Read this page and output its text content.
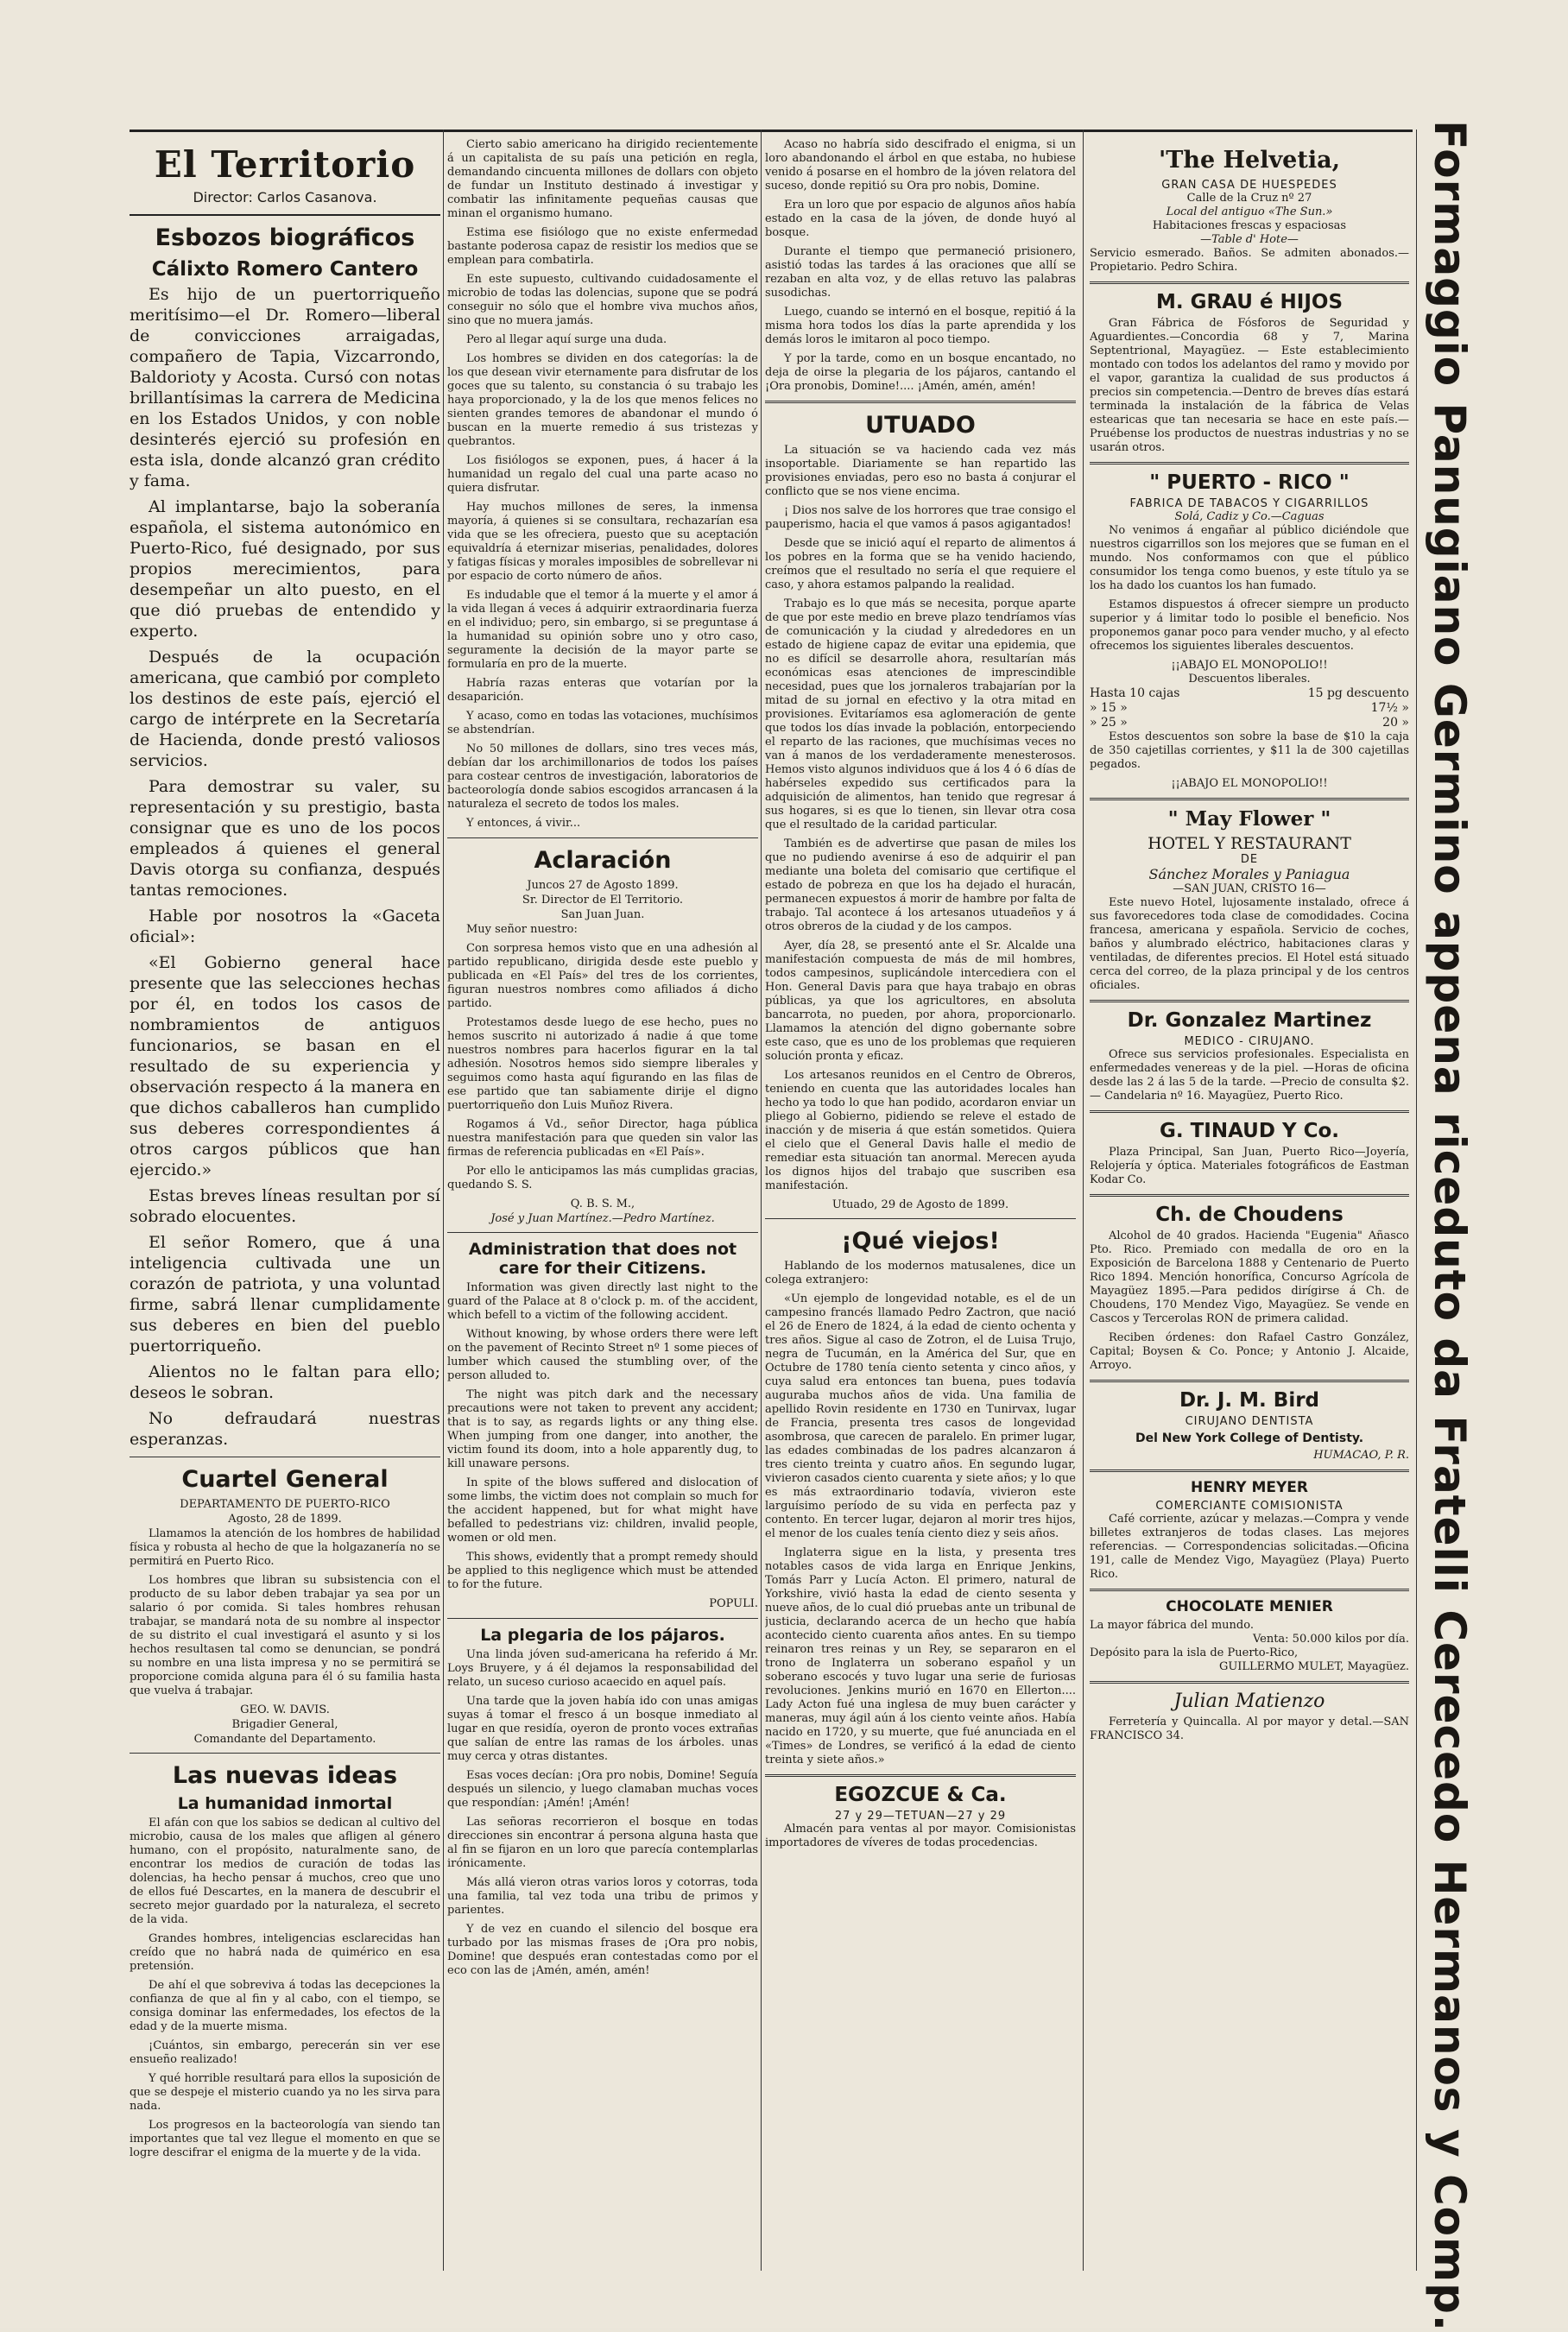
El Territorio
Director: Carlos Casanova.
Esbozos biográficos
Cálixto Romero Cantero

Es hijo de un puertorriqueño meritísimo—el Dr. Romero—liberal de convicciones arraigadas, compañero de Tapia, Vizcarrondo, Baldorioty y Acosta. Cursó con notas brillantísimas la carrera de Medicina en los Estados Unidos, y con noble desinterés ejerció su profesión en esta isla, donde alcanzó gran crédito y fama.

Al implantarse, bajo la soberanía española, el sistema autonómico en Puerto-Rico, fué designado, por sus propios merecimientos, para desempeñar un alto puesto, en el que dió pruebas de entendido y experto.

Después de la ocupación americana, que cambió por completo los destinos de este país, ejerció el cargo de intérprete en la Secretaría de Hacienda, donde prestó valiosos servicios.

Para demostrar su valer, su representación y su prestigio, basta consignar que es uno de los pocos empleados á quienes el general Davis otorga su confianza, después tantas remociones.

Hable por nosotros la «Gaceta oficial»:

«El Gobierno general hace presente que las selecciones hechas por él, en todos los casos de nombramientos de antiguos funcionarios, se basan en el resultado de su experiencia y observación respecto á la manera en que dichos caballeros han cumplido sus deberes correspondientes á otros cargos públicos que han ejercido.»

Estas breves líneas resultan por sí sobrado elocuentes.

El señor Romero, que á una inteligencia cultivada une un corazón de patriota, y una voluntad firme, sabrá llenar cumplidamente sus deberes en bien del pueblo puertorriqueño.

Alientos no le faltan para ello; deseos le sobran.

No defraudará nuestras esperanzas.

Cuartel General
DEPARTAMENTO DE PUERTO-RICO
Agosto, 28 de 1899.

Llamamos la atención de los hombres de habilidad física y robusta al hecho de que la holgazanería no se permitirá en Puerto Rico.

Los hombres que libran su subsistencia con el producto de su labor deben trabajar ya sea por un salario ó por comida. Si tales hombres rehusan trabajar, se mandará nota de su nombre al inspector de su distrito el cual investigará el asunto y si los hechos resultasen tal como se denuncian, se pondrá su nombre en una lista impresa y no se permitirá se proporcione comida alguna para él ó su familia hasta que vuelva á trabajar.

GEO. W. DAVIS.
Brigadier General,
Comandante del Departamento.
Las nuevas ideas
La humanidad inmortal

El afán con que los sabios se dedican al cultivo del microbio, causa de los males que afligen al género humano, con el propósito, naturalmente sano, de encontrar los medios de curación de todas las dolencias, ha hecho pensar á muchos, creo que uno de ellos fué Descartes, en la manera de descubrir el secreto mejor guardado por la naturaleza, el secreto de la vida.

Grandes hombres, inteligencias esclarecidas han creído que no habrá nada de quimérico en esa pretensión.

De ahí el que sobreviva á todas las decepciones la confianza de que al fin y al cabo, con el tiempo, se consiga dominar las enfermedades, los efectos de la edad y de la muerte misma.

¡Cuántos, sin embargo, perecerán sin ver ese ensueño realizado!

Y qué horrible resultará para ellos la suposición de que se despeje el misterio cuando ya no les sirva para nada.

Los progresos en la bacteorología van siendo tan importantes que tal vez llegue el momento en que se logre descifrar el enigma de la muerte y de la vida.

Cierto sabio americano ha dirigido recientemente á un capitalista de su país una petición en regla, demandando cincuenta millones de dollars con objeto de fundar un Instituto destinado á investigar y combatir las infinitamente pequeñas causas que minan el organismo humano.

Estima ese fisiólogo que no existe enfermedad bastante poderosa capaz de resistir los medios que se emplean para combatirla.

En este supuesto, cultivando cuidadosamente el microbio de todas las dolencias, supone que se podrá conseguir no sólo que el hombre viva muchos años, sino que no muera jamás.

Pero al llegar aquí surge una duda.

Los hombres se dividen en dos categorías: la de los que desean vivir eternamente para disfrutar de los goces que su talento, su constancia ó su trabajo les haya proporcionado, y la de los que menos felices no sienten grandes temores de abandonar el mundo ó buscan en la muerte remedio á sus tristezas y quebrantos.

Los fisiólogos se exponen, pues, á hacer á la humanidad un regalo del cual una parte acaso no quiera disfrutar.

Hay muchos millones de seres, la inmensa mayoría, á quienes si se consultara, rechazarían esa vida que se les ofreciera, puesto que su aceptación equivaldría á eternizar miserias, penalidades, dolores y fatigas físicas y morales imposibles de sobrellevar ni por espacio de corto número de años.

Es indudable que el temor á la muerte y el amor á la vida llegan á veces á adquirir extraordinaria fuerza en el individuo; pero, sin embargo, si se preguntase á la humanidad su opinión sobre uno y otro caso, seguramente la decisión de la mayor parte se formularía en pro de la muerte.

Habría razas enteras que votarían por la desaparición.

Y acaso, como en todas las votaciones, muchísimos se abstendrían.

No 50 millones de dollars, sino tres veces más, debían dar los archimillonarios de todos los países para costear centros de investigación, laboratorios de bacteorología donde sabios escogidos arrancasen á la naturaleza el secreto de todos los males.

Y entonces, á vivir...

Aclaración
Juncos 27 de Agosto 1899.
Sr. Director de El Territorio.
San Juan Juan.

Muy señor nuestro:

Con sorpresa hemos visto que en una adhesión al partido republicano, dirigida desde este pueblo y publicada en «El País» del tres de los corrientes, figuran nuestros nombres como afiliados á dicho partido.

Protestamos desde luego de ese hecho, pues no hemos suscrito ni autorizado á nadie á que tome nuestros nombres para hacerlos figurar en la tal adhesión. Nosotros hemos sido siempre liberales y seguimos como hasta aquí figurando en las filas de ese partido que tan sabiamente dirije el digno puertorriqueño don Luis Muñoz Rivera.

Rogamos á Vd., señor Director, haga pública nuestra manifestación para que queden sin valor las firmas de referencia publicadas en «El País».

Por ello le anticipamos las más cumplidas gracias, quedando S. S.

Q. B. S. M.,
José y Juan Martínez.—Pedro Martínez.
Administration that does not care for their Citizens.

Information was given directly last night to the guard of the Palace at 8 o'clock p. m. of the accident, which befell to a victim of the following accident.

Without knowing, by whose orders there were left on the pavement of Recinto Street nº 1 some pieces of lumber which caused the stumbling over, of the person alluded to.

The night was pitch dark and the necessary precautions were not taken to prevent any accident; that is to say, as regards lights or any thing else. When jumping from one danger, into another, the victim found its doom, into a hole apparently dug, to kill unaware persons.

In spite of the blows suffered and dislocation of some limbs, the victim does not complain so much for the accident happened, but for what might have befalled to pedestrians viz: children, invalid people, women or old men.

This shows, evidently that a prompt remedy should be applied to this negligence which must be attended to for the future.

POPULI.
La plegaria de los pájaros.

Una linda jóven sud-americana ha referido á Mr. Loys Bruyere, y á él dejamos la responsabilidad del relato, un suceso curioso acaecido en aquel país.

Una tarde que la joven había ido con unas amigas suyas á tomar el fresco á un bosque inmediato al lugar en que residía, oyeron de pronto voces extrañas que salían de entre las ramas de los árboles. unas muy cerca y otras distantes.

Esas voces decían: ¡Ora pro nobis, Domine! Seguía después un silencio, y luego clamaban muchas voces que respondían: ¡Amén! ¡Amén!

Las señoras recorrieron el bosque en todas direcciones sin encontrar á persona alguna hasta que al fin se fijaron en un loro que parecía contemplarlas irónicamente.

Más allá vieron otras varios loros y cotorras, toda una familia, tal vez toda una tribu de primos y parientes.

Y de vez en cuando el silencio del bosque era turbado por las mismas frases de ¡Ora pro nobis, Domine! que después eran contestadas como por el eco con las de ¡Amén, amén, amén!

Acaso no habría sido descifrado el enigma, si un loro abandonando el árbol en que estaba, no hubiese venido á posarse en el hombro de la jóven relatora del suceso, donde repitió su Ora pro nobis, Domine.

Era un loro que por espacio de algunos años había estado en la casa de la jóven, de donde huyó al bosque.

Durante el tiempo que permaneció prisionero, asistió todas las tardes á las oraciones que allí se rezaban en alta voz, y de ellas retuvo las palabras susodichas.

Luego, cuando se internó en el bosque, repitió á la misma hora todos los días la parte aprendida y los demás loros le imitaron al poco tiempo.

Y por la tarde, como en un bosque encantado, no deja de oirse la plegaria de los pájaros, cantando el ¡Ora pronobis, Domine!.... ¡Amén, amén, amén!

UTUADO

La situación se va haciendo cada vez más insoportable. Diariamente se han repartido las provisiones enviadas, pero eso no basta á conjurar el conflicto que se nos viene encima.

¡ Dios nos salve de los horrores que trae consigo el pauperismo, hacia el que vamos á pasos agigantados!

Desde que se inició aquí el reparto de alimentos á los pobres en la forma que se ha venido haciendo, creímos que el resultado no sería el que requiere el caso, y ahora estamos palpando la realidad.

Trabajo es lo que más se necesita, porque aparte de que por este medio en breve plazo tendríamos vías de comunicación y la ciudad y alrededores en un estado de higiene capaz de evitar una epidemia, que no es difícil se desarrolle ahora, resultarían más económicas esas atenciones de imprescindible necesidad, pues que los jornaleros trabajarían por la mitad de su jornal en efectivo y la otra mitad en provisiones. Evitaríamos esa aglomeración de gente que todos los días invade la población, entorpeciendo el reparto de las raciones, que muchísimas veces no van á manos de los verdaderamente menesterosos. Hemos visto algunos individuos que á los 4 ó 6 días de habérseles expedido sus certificados para la adquisición de alimentos, han tenido que regresar á sus hogares, si es que lo tienen, sin llevar otra cosa que el resultado de la caridad particular.

También es de advertirse que pasan de miles los que no pudiendo avenirse á eso de adquirir el pan mediante una boleta del comisario que certifique el estado de pobreza en que los ha dejado el huracán, permanecen expuestos á morir de hambre por falta de trabajo. Tal acontece á los artesanos utuadeños y á otros obreros de la ciudad y de los campos.

Ayer, día 28, se presentó ante el Sr. Alcalde una manifestación compuesta de más de mil hombres, todos campesinos, suplicándole intercediera con el Hon. General Davis para que haya trabajo en obras públicas, ya que los agricultores, en absoluta bancarrota, no pueden, por ahora, proporcionarlo. Llamamos la atención del digno gobernante sobre este caso, que es uno de los problemas que requieren solución pronta y eficaz.

Los artesanos reunidos en el Centro de Obreros, teniendo en cuenta que las autoridades locales han hecho ya todo lo que han podido, acordaron enviar un pliego al Gobierno, pidiendo se releve el estado de inacción y de miseria á que están sometidos. Quiera el cielo que el General Davis halle el medio de remediar esta situación tan anormal. Merecen ayuda los dignos hijos del trabajo que suscriben esa manifestación.

Utuado, 29 de Agosto de 1899.
¡Qué viejos!

Hablando de los modernos matusalenes, dice un colega extranjero:

«Un ejemplo de longevidad notable, es el de un campesino francés llamado Pedro Zactron, que nació el 26 de Enero de 1824, á la edad de ciento ochenta y tres años. Sigue al caso de Zotron, el de Luisa Trujo, negra de Tucumán, en la América del Sur, que en Octubre de 1780 tenía ciento setenta y cinco años, y cuya salud era entonces tan buena, pues todavía auguraba muchos años de vida. Una familia de apellido Rovin residente en 1730 en Tunirvax, lugar de Francia, presenta tres casos de longevidad asombrosa, que carecen de paralelo. En primer lugar, las edades combinadas de los padres alcanzaron á tres ciento treinta y cuatro años. En segundo lugar, vivieron casados ciento cuarenta y siete años; y lo que es más extraordinario todavía, vivieron este larguísimo período de su vida en perfecta paz y contento. En tercer lugar, dejaron al morir tres hijos, el menor de los cuales tenía ciento diez y seis años.

Inglaterra sigue en la lista, y presenta tres notables casos de vida larga en Enrique Jenkins, Tomás Parr y Lucía Acton. El primero, natural de Yorkshire, vivió hasta la edad de ciento sesenta y nueve años, de lo cual dió pruebas ante un tribunal de justicia, declarando acerca de un hecho que había acontecido ciento cuarenta años antes. En su tiempo reinaron tres reinas y un Rey, se separaron en el trono de Inglaterra un soberano español y un soberano escocés y tuvo lugar una serie de furiosas revoluciones. Jenkins murió en 1670 en Ellerton.... Lady Acton fué una inglesa de muy buen carácter y maneras, muy ágil aún á los ciento veinte años. Había nacido en 1720, y su muerte, que fué anunciada en el «Times» de Londres, se verificó á la edad de ciento treinta y siete años.»

EGOZCUE & Ca.
27 y 29—TETUAN—27 y 29

Almacén para ventas al por mayor. Comisionistas importadores de víveres de todas procedencias.

'The Helvetia,
GRAN CASA DE HUESPEDES
Calle de la Cruz nº 27
Local del antiguo «The Sun.»
Habitaciones frescas y espaciosas
—Table d' Hote—

Servicio esmerado. Baños. Se admiten abonados.—Propietario. Pedro Schira.

M. GRAU é HIJOS

Gran Fábrica de Fósforos de Seguridad y Aguardientes.—Concordia 68 y 7, Marina Septentrional, Mayagüez. — Este establecimiento montado con todos los adelantos del ramo y movido por el vapor, garantiza la cualidad de sus productos á precios sin competencia.—Dentro de breves días estará terminada la instalación de la fábrica de Velas estearicas que tan necesaria se hace en este país.—Pruébense los productos de nuestras industrias y no se usarán otros.

" PUERTO - RICO "
FABRICA DE TABACOS Y CIGARRILLOS
Solá, Cadiz y Co.—Caguas

No venimos á engañar al público diciéndole que nuestros cigarrillos son los mejores que se fuman en el mundo. Nos conformamos con que el público consumidor los tenga como buenos, y este título ya se los ha dado los cuantos los han fumado.

Estamos dispuestos á ofrecer siempre un producto superior y á limitar todo lo posible el beneficio. Nos proponemos ganar poco para vender mucho, y al efecto ofrecemos los siguientes liberales descuentos.

¡¡ABAJO EL MONOPOLIO!!
Descuentos liberales.
Hasta 10 cajas	15 pg descuento
» 15 »	17½ »
» 25 »	20 »

Estos descuentos son sobre la base de $10 la caja de 350 cajetillas corrientes, y $11 la de 300 cajetillas pegados.

¡¡ABAJO EL MONOPOLIO!!
" May Flower "
HOTEL Y RESTAURANT
DE
Sánchez Morales y Paniagua
—SAN JUAN, CRISTO 16—

Este nuevo Hotel, lujosamente instalado, ofrece á sus favorecedores toda clase de comodidades. Cocina francesa, americana y española. Servicio de coches, baños y alumbrado eléctrico, habitaciones claras y ventiladas, de diferentes precios. El Hotel está situado cerca del correo, de la plaza principal y de los centros oficiales.

Dr. Gonzalez Martinez
MEDICO - CIRUJANO.

Ofrece sus servicios profesionales. Especialista en enfermedades venereas y de la piel. —Horas de oficina desde las 2 á las 5 de la tarde. —Precio de consulta $2. — Candelaria nº 16. Mayagüez, Puerto Rico.

G. TINAUD Y Co.

Plaza Principal, San Juan, Puerto Rico—Joyería, Relojería y óptica. Materiales fotográficos de Eastman Kodar Co.

Ch. de Choudens

Alcohol de 40 grados. Hacienda "Eugenia" Añasco Pto. Rico. Premiado con medalla de oro en la Exposición de Barcelona 1888 y Centenario de Puerto Rico 1894. Mención honorífica, Concurso Agrícola de Mayagüez 1895.—Para pedidos dirígirse á Ch. de Choudens, 170 Mendez Vigo, Mayagüez. Se vende en Cascos y Tercerolas RON de primera calidad.

Reciben órdenes: don Rafael Castro González, Capital; Boysen & Co. Ponce; y Antonio J. Alcaide, Arroyo.

Dr. J. M. Bird
CIRUJANO DENTISTA
Del New York College of Dentisty.
HUMACAO, P. R.
HENRY MEYER
COMERCIANTE COMISIONISTA

Café corriente, azúcar y melazas.—Compra y vende billetes extranjeros de todas clases. Las mejores referencias. — Correspondencias solicitadas.—Oficina 191, calle de Mendez Vigo, Mayagüez (Playa) Puerto Rico.

CHOCOLATE MENIER
La mayor fábrica del mundo.
Venta: 50.000 kilos por día.
Depósito para la isla de Puerto-Rico,
GUILLERMO MULET, Mayagüez.
Julian Matienzo

Ferretería y Quincalla. Al por mayor y detal.—SAN FRANCISCO 34.	Formaggio Panugiano Germino appena riceduto da Fratelli Cerecedo Hermanos y Comp.
